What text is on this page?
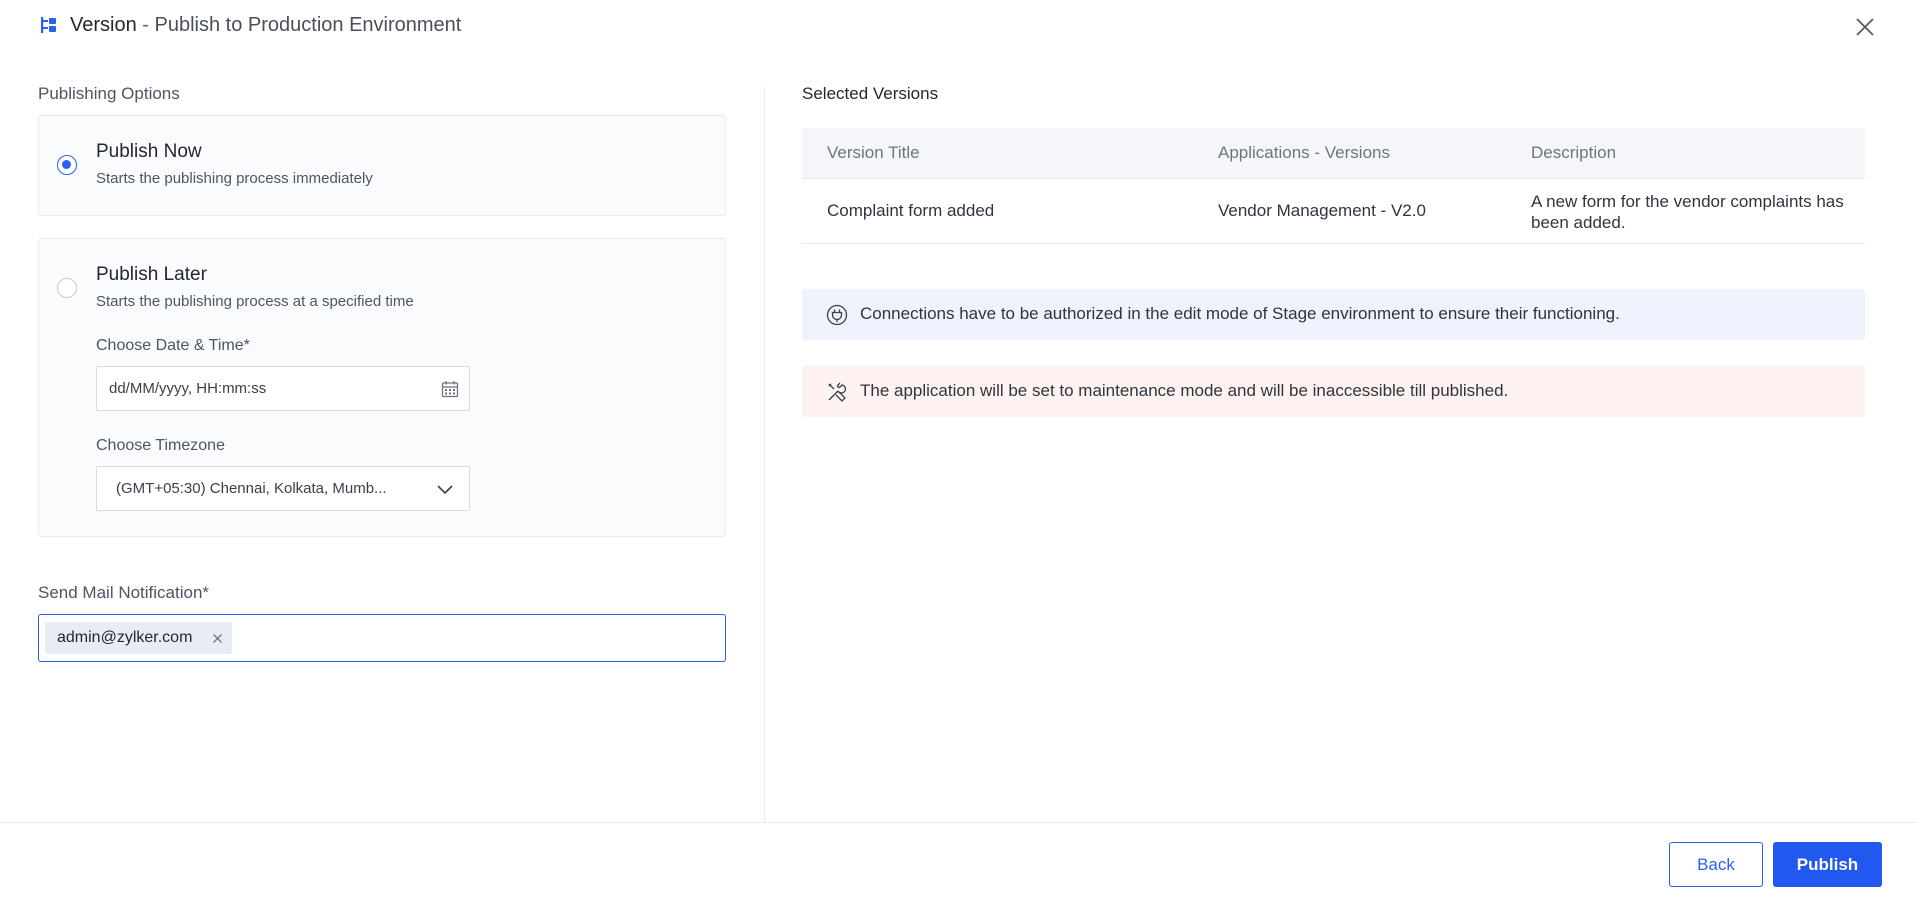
Version - Publish to Production Environment
Publishing Options
Publish Now
Starts the publishing process immediately
Publish Later
Starts the publishing process at a specified time
Choose Date & Time*
dd/MM/yyyy, HH:mm:ss
Choose Timezone
(GMT+05:30) Chennai, Kolkata, Mumb...
Send Mail Notification*
admin@zylker.com
Selected Versions
Version Title	Applications - Versions	Description
Complaint form added	Vendor Management - V2.0	A new form for the vendor complaints has been added.
Connections have to be authorized in the edit mode of Stage environment to ensure their functioning.
The application will be set to maintenance mode and will be inaccessible till published.
Back	Publish
